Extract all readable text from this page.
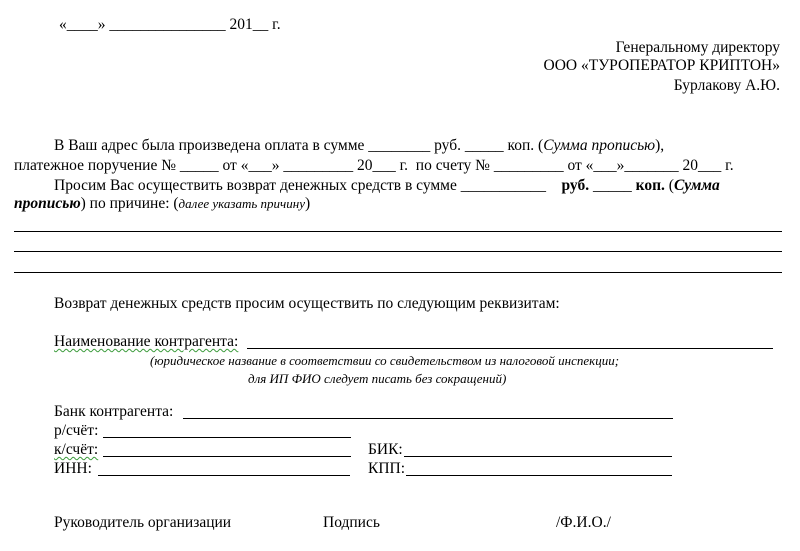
«____» _______________ 201__ г.
Генеральному директору
ООО «ТУРОПЕРАТОР КРИПТОН»
Бурлакову А.Ю.
В Ваш адрес была произведена оплата в сумме ________ руб. _____ коп. (Сумма прописью),
платежное поручение № _____ от «___» _________ 20___ г.  по счету № _________ от «___»_______ 20___ г.
Просим Вас осуществить возврат денежных средств в сумме ___________ руб. _____ коп. (Сумма
прописью) по причине: (далее указать причину)
Возврат денежных средств просим осуществить по следующим реквизитам:
Наименование контрагента:
(юридическое название в соответствии со свидетельством из налоговой инспекции;
для ИП ФИО следует писать без сокращений)
Банк контрагента:
р/счёт:
к/счёт:	БИК:
ИНН:	КПП:
Руководитель организации	Подпись	/Ф.И.О./
